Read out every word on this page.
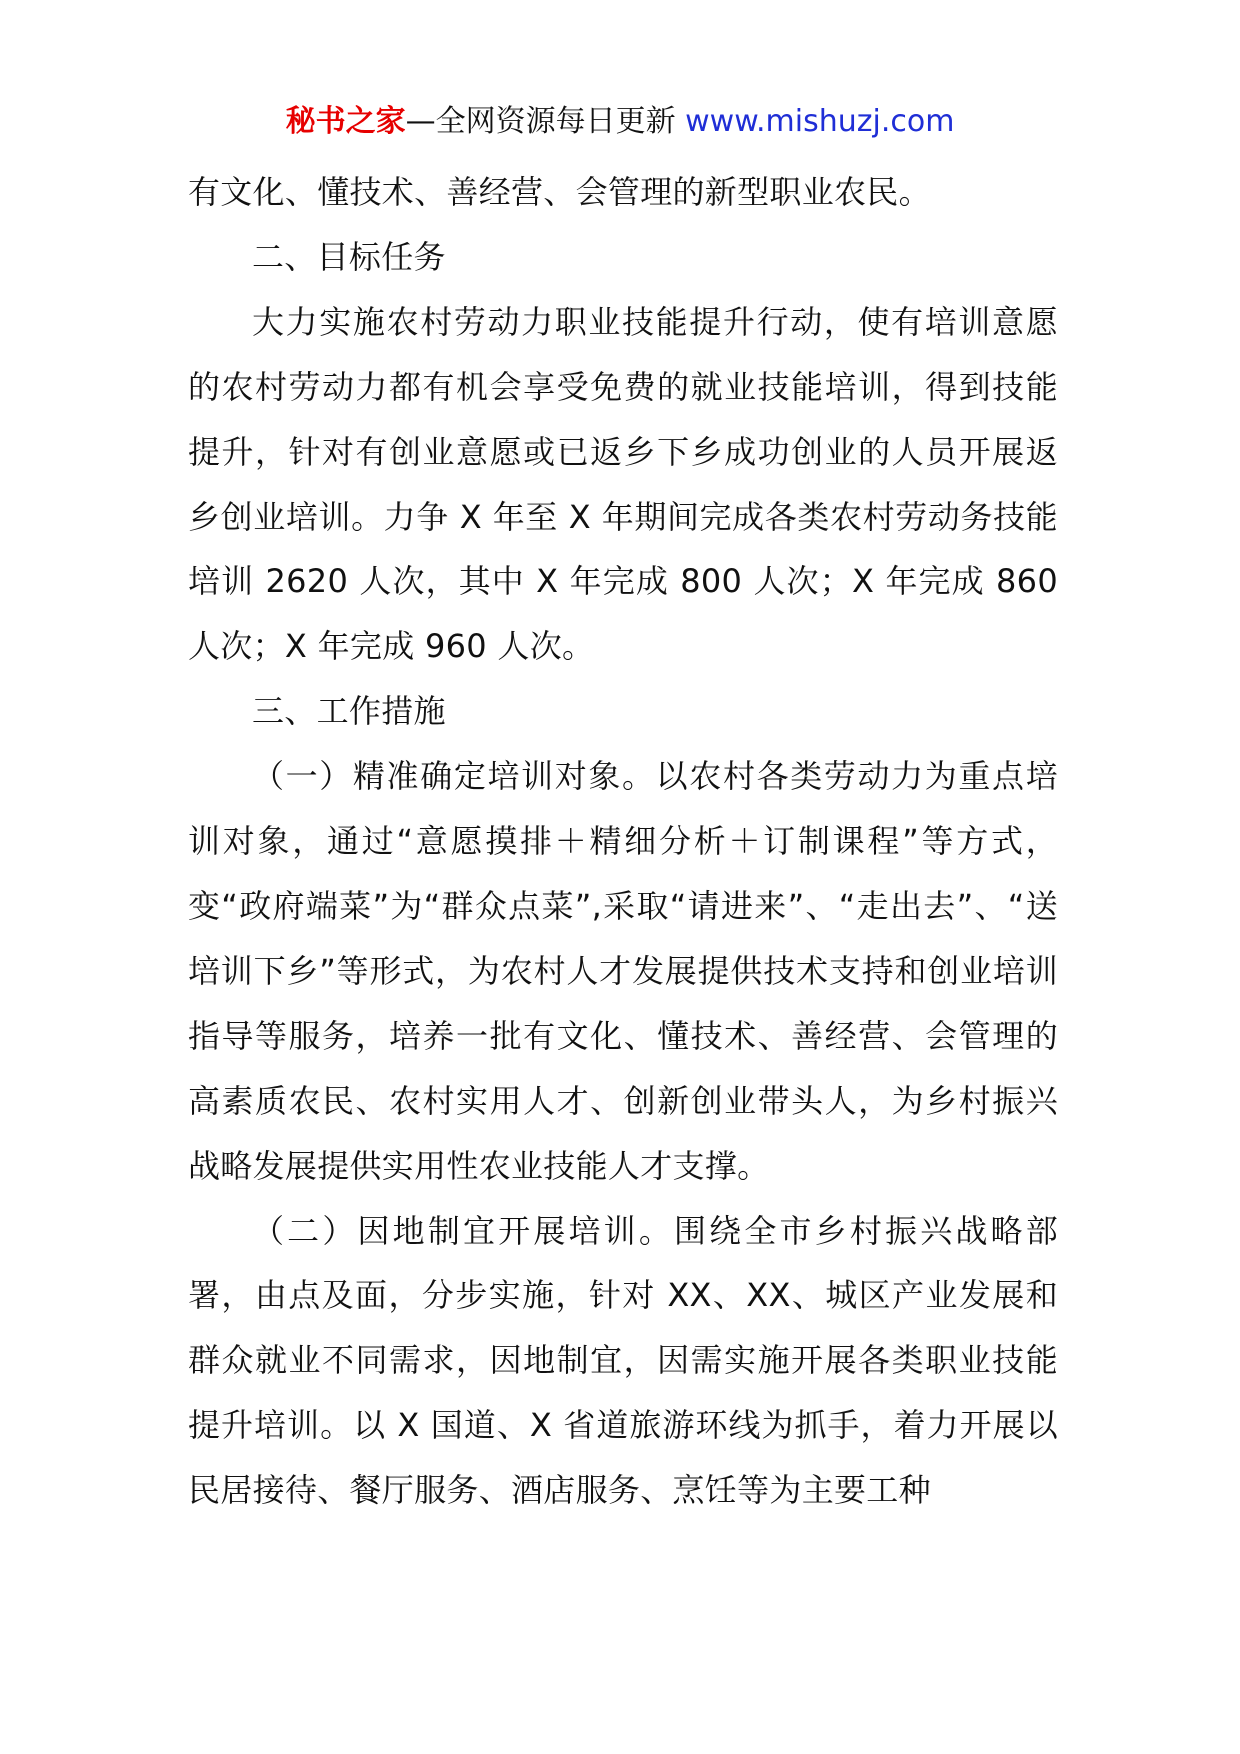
秘书之家—全网资源每日更新 www.mishuzj.com

有文化、懂技术、善经营、会管理的新型职业农民。

二、目标任务

大力实施农村劳动力职业技能提升行动，使有培训意愿的农村劳动力都有机会享受免费的就业技能培训，得到技能提升，针对有创业意愿或已返乡下乡成功创业的人员开展返乡创业培训。力争 X 年至 X 年期间完成各类农村劳动务技能培训 2620 人次，其中 X 年完成 800 人次；X 年完成 860 人次；X 年完成 960 人次。

三、工作措施

（一）精准确定培训对象。以农村各类劳动力为重点培训对象，通过“意愿摸排＋精细分析＋订制课程”等方式，变“政府端菜”为“群众点菜”,采取“请进来”、“走出去”、“送培训下乡”等形式，为农村人才发展提供技术支持和创业培训指导等服务，培养一批有文化、懂技术、善经营、会管理的高素质农民、农村实用人才、创新创业带头人，为乡村振兴战略发展提供实用性农业技能人才支撑。

（二）因地制宜开展培训。围绕全市乡村振兴战略部署，由点及面，分步实施，针对 XX、XX、城区产业发展和群众就业不同需求，因地制宜，因需实施开展各类职业技能提升培训。以 X 国道、X 省道旅游环线为抓手，着力开展以民居接待、餐厅服务、酒店服务、烹饪等为主要工种
